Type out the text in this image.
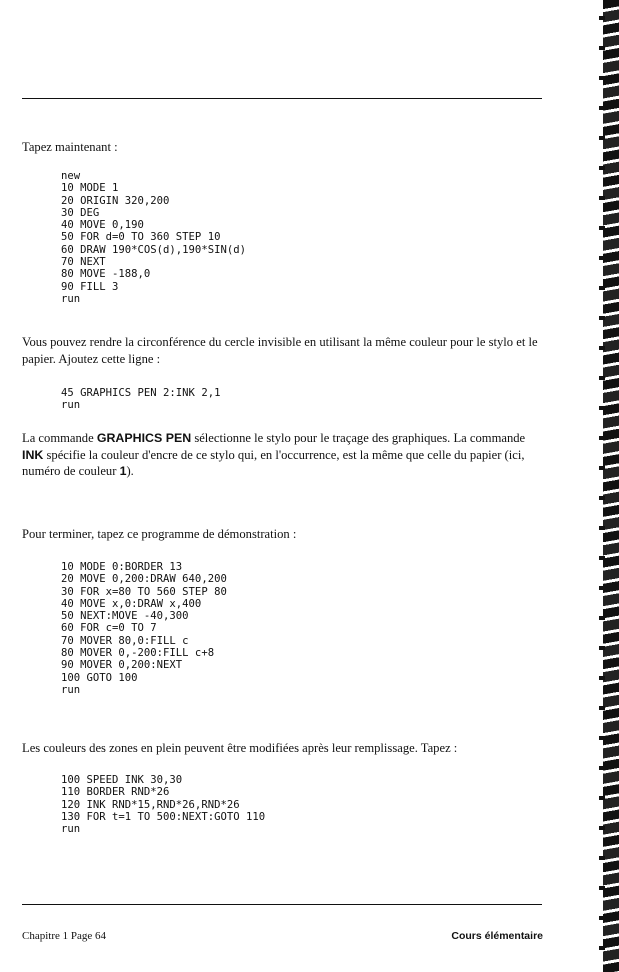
Tapez maintenant :

new
10 MODE 1
20 ORIGIN 320,200
30 DEG
40 MOVE 0,190
50 FOR d=0 TO 360 STEP 10
60 DRAW 190*COS(d),190*SIN(d)
70 NEXT
80 MOVE -188,0
90 FILL 3
run

Vous pouvez rendre la circonférence du cercle invisible en utilisant la même couleur pour le stylo et le papier. Ajoutez cette ligne :

45 GRAPHICS PEN 2:INK 2,1
run

La commande GRAPHICS PEN sélectionne le stylo pour le traçage des graphiques. La commande INK spécifie la couleur d'encre de ce stylo qui, en l'occurrence, est la même que celle du papier (ici, numéro de couleur 1).

Pour terminer, tapez ce programme de démonstration :

10 MODE 0:BORDER 13
20 MOVE 0,200:DRAW 640,200
30 FOR x=80 TO 560 STEP 80
40 MOVE x,0:DRAW x,400
50 NEXT:MOVE -40,300
60 FOR c=0 TO 7
70 MOVER 80,0:FILL c
80 MOVER 0,-200:FILL c+8
90 MOVER 0,200:NEXT
100 GOTO 100
run

Les couleurs des zones en plein peuvent être modifiées après leur remplissage. Tapez :

100 SPEED INK 30,30
110 BORDER RND*26
120 INK RND*15,RND*26,RND*26
130 FOR t=1 TO 500:NEXT:GOTO 110
run
Chapitre 1 Page 64	Cours élémentaire
